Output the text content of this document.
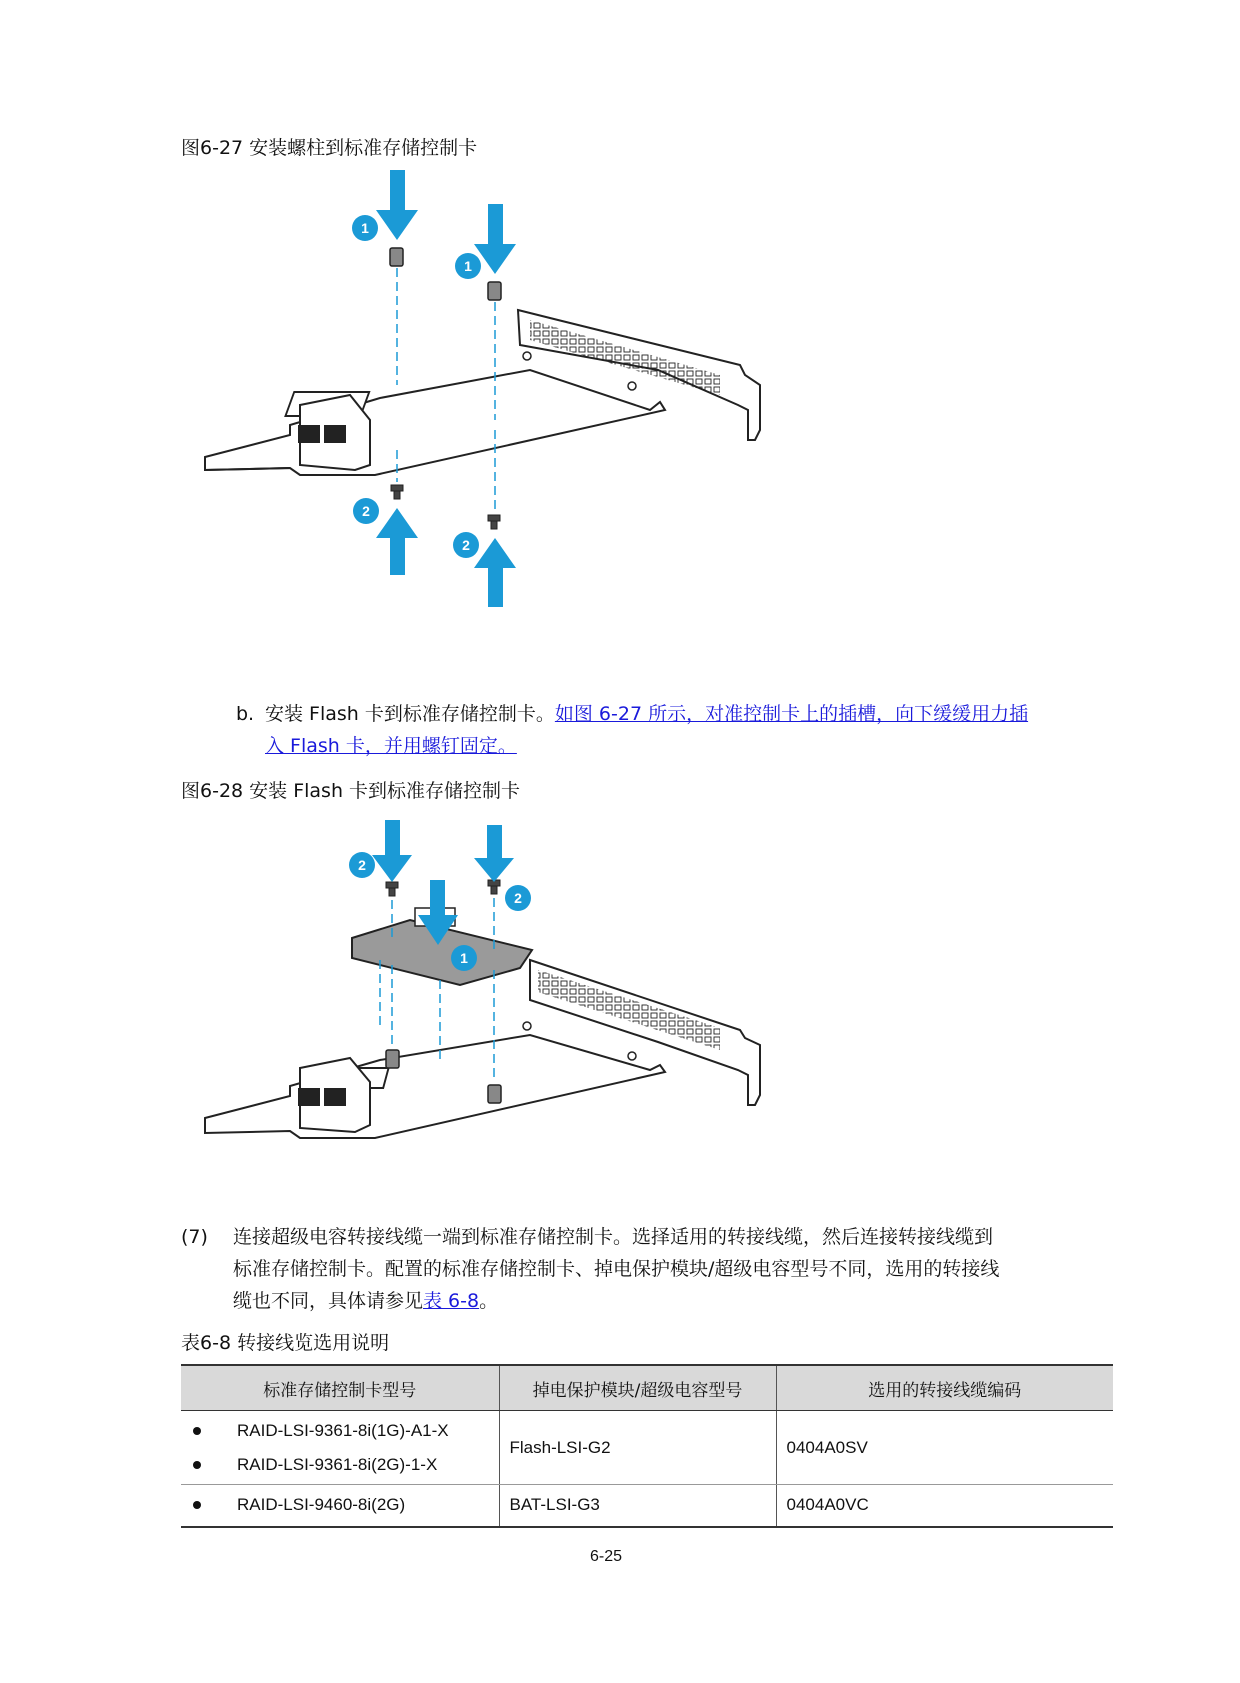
图6-27 安装螺柱到标准存储控制卡
1
1
2
2
b. 安装 Flash 卡到标准存储控制卡。如图 6-27 所示，对准控制卡上的插槽，向下缓缓用力插
入 Flash 卡，并用螺钉固定。
图6-28 安装 Flash 卡到标准存储控制卡
2
2
1
(7) 连接超级电容转接线缆一端到标准存储控制卡。选择适用的转接线缆，然后连接转接线缆到
标准存储控制卡。配置的标准存储控制卡、掉电保护模块/超级电容型号不同，选用的转接线
缆也不同，具体请参见表 6-8。
表6-8 转接线览选用说明
标准存储控制卡型号	掉电保护模块/超级电容型号	选用的转接线缆编码

RAID-LSI-9361-8i(1G)-A1-X
RAID-LSI-9361-8i(2G)-1-X	Flash-LSI-G2	0404A0SV

RAID-LSI-9460-8i(2G)	BAT-LSI-G3	0404A0VC
6-25
